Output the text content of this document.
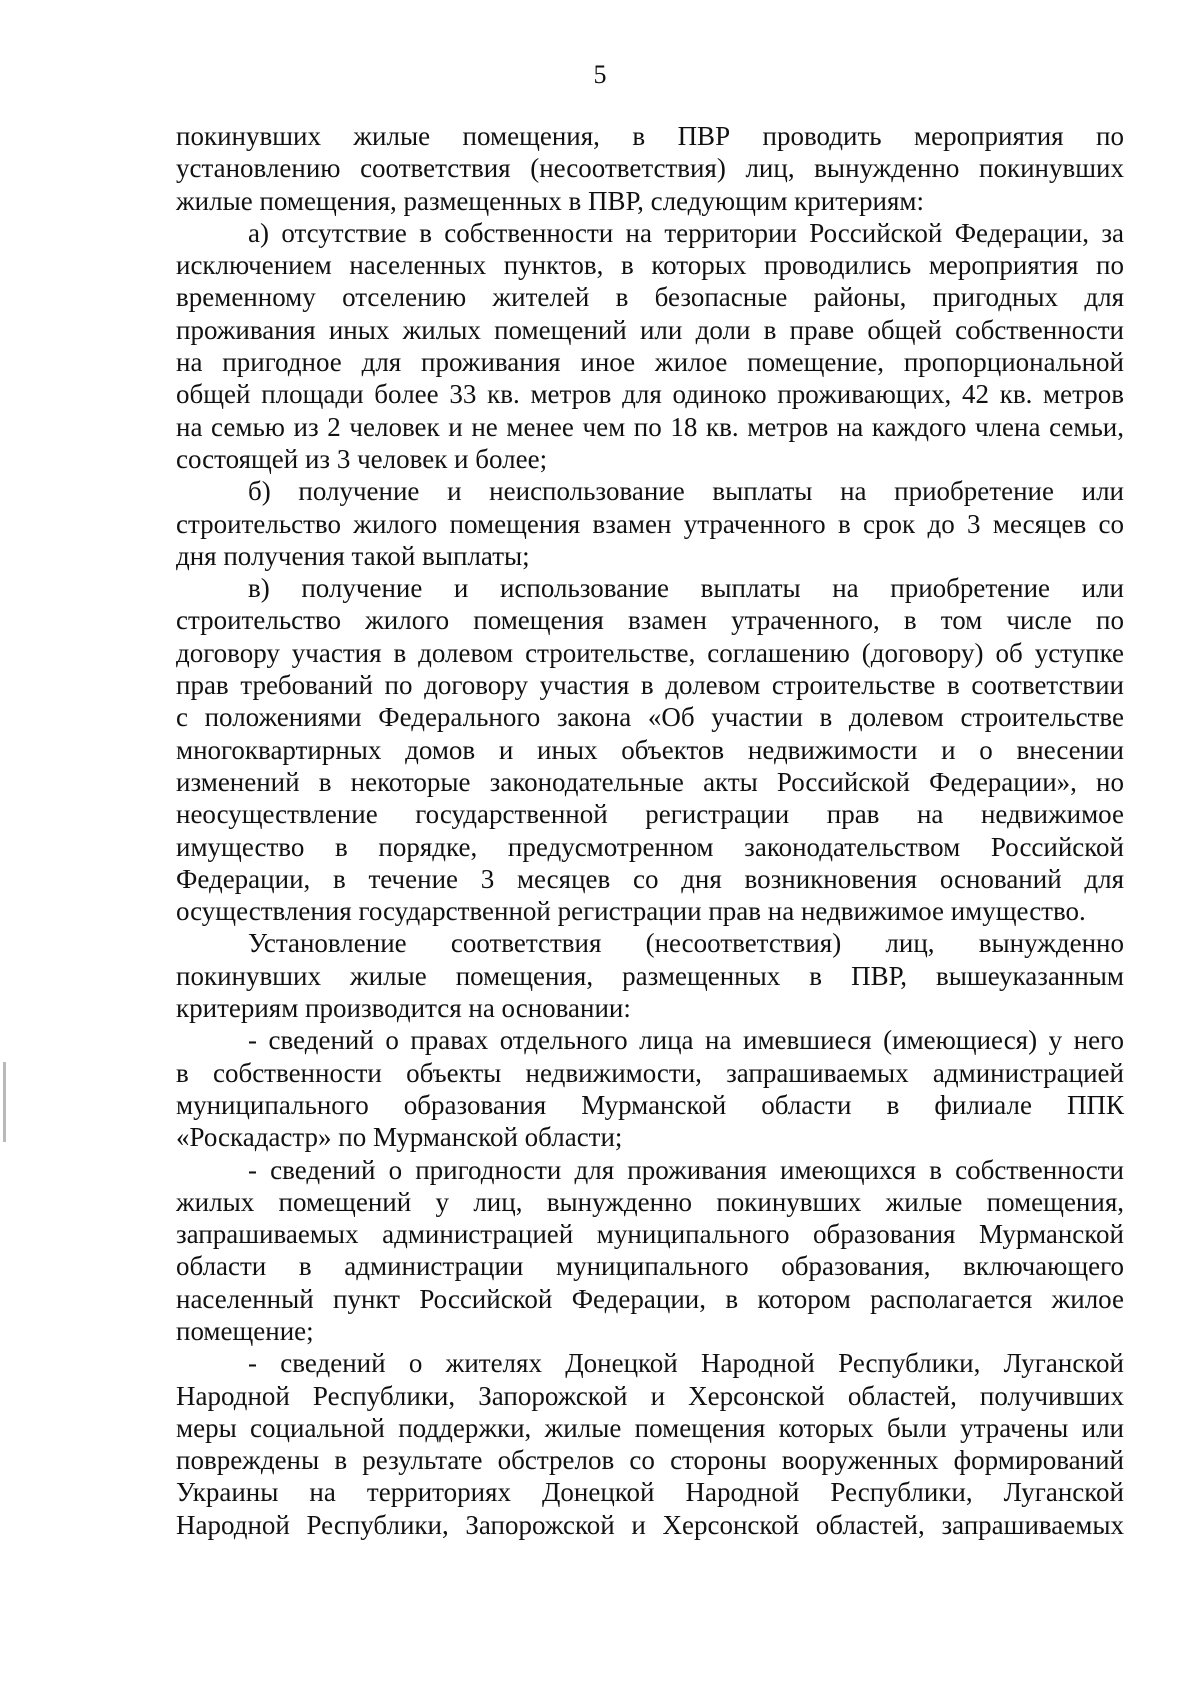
5
покинувших жилые помещения, в ПВР проводить мероприятия по
установлению соответствия (несоответствия) лиц, вынужденно покинувших
жилые помещения, размещенных в ПВР, следующим критериям:
а) отсутствие в собственности на территории Российской Федерации, за
исключением населенных пунктов, в которых проводились мероприятия по
временному отселению жителей в безопасные районы, пригодных для
проживания иных жилых помещений или доли в праве общей собственности
на пригодное для проживания иное жилое помещение, пропорциональной
общей площади более 33 кв. метров для одиноко проживающих, 42 кв. метров
на семью из 2 человек и не менее чем по 18 кв. метров на каждого члена семьи,
состоящей из 3 человек и более;
б) получение и неиспользование выплаты на приобретение или
строительство жилого помещения взамен утраченного в срок до 3 месяцев со
дня получения такой выплаты;
в) получение и использование выплаты на приобретение или
строительство жилого помещения взамен утраченного, в том числе по
договору участия в долевом строительстве, соглашению (договору) об уступке
прав требований по договору участия в долевом строительстве в соответствии
с положениями Федерального закона «Об участии в долевом строительстве
многоквартирных домов и иных объектов недвижимости и о внесении
изменений в некоторые законодательные акты Российской Федерации», но
неосуществление государственной регистрации прав на недвижимое
имущество в порядке, предусмотренном законодательством Российской
Федерации, в течение 3 месяцев со дня возникновения оснований для
осуществления государственной регистрации прав на недвижимое имущество.
Установление соответствия (несоответствия) лиц, вынужденно
покинувших жилые помещения, размещенных в ПВР, вышеуказанным
критериям производится на основании:
- сведений о правах отдельного лица на имевшиеся (имеющиеся) у него
в собственности объекты недвижимости, запрашиваемых администрацией
муниципального образования Мурманской области в филиале ППК
«Роскадастр» по Мурманской области;
- сведений о пригодности для проживания имеющихся в собственности
жилых помещений у лиц, вынужденно покинувших жилые помещения,
запрашиваемых администрацией муниципального образования Мурманской
области в администрации муниципального образования, включающего
населенный пункт Российской Федерации, в котором располагается жилое
помещение;
- сведений о жителях Донецкой Народной Республики, Луганской
Народной Республики, Запорожской и Херсонской областей, получивших
меры социальной поддержки, жилые помещения которых были утрачены или
повреждены в результате обстрелов со стороны вооруженных формирований
Украины на территориях Донецкой Народной Республики, Луганской
Народной Республики, Запорожской и Херсонской областей, запрашиваемых
